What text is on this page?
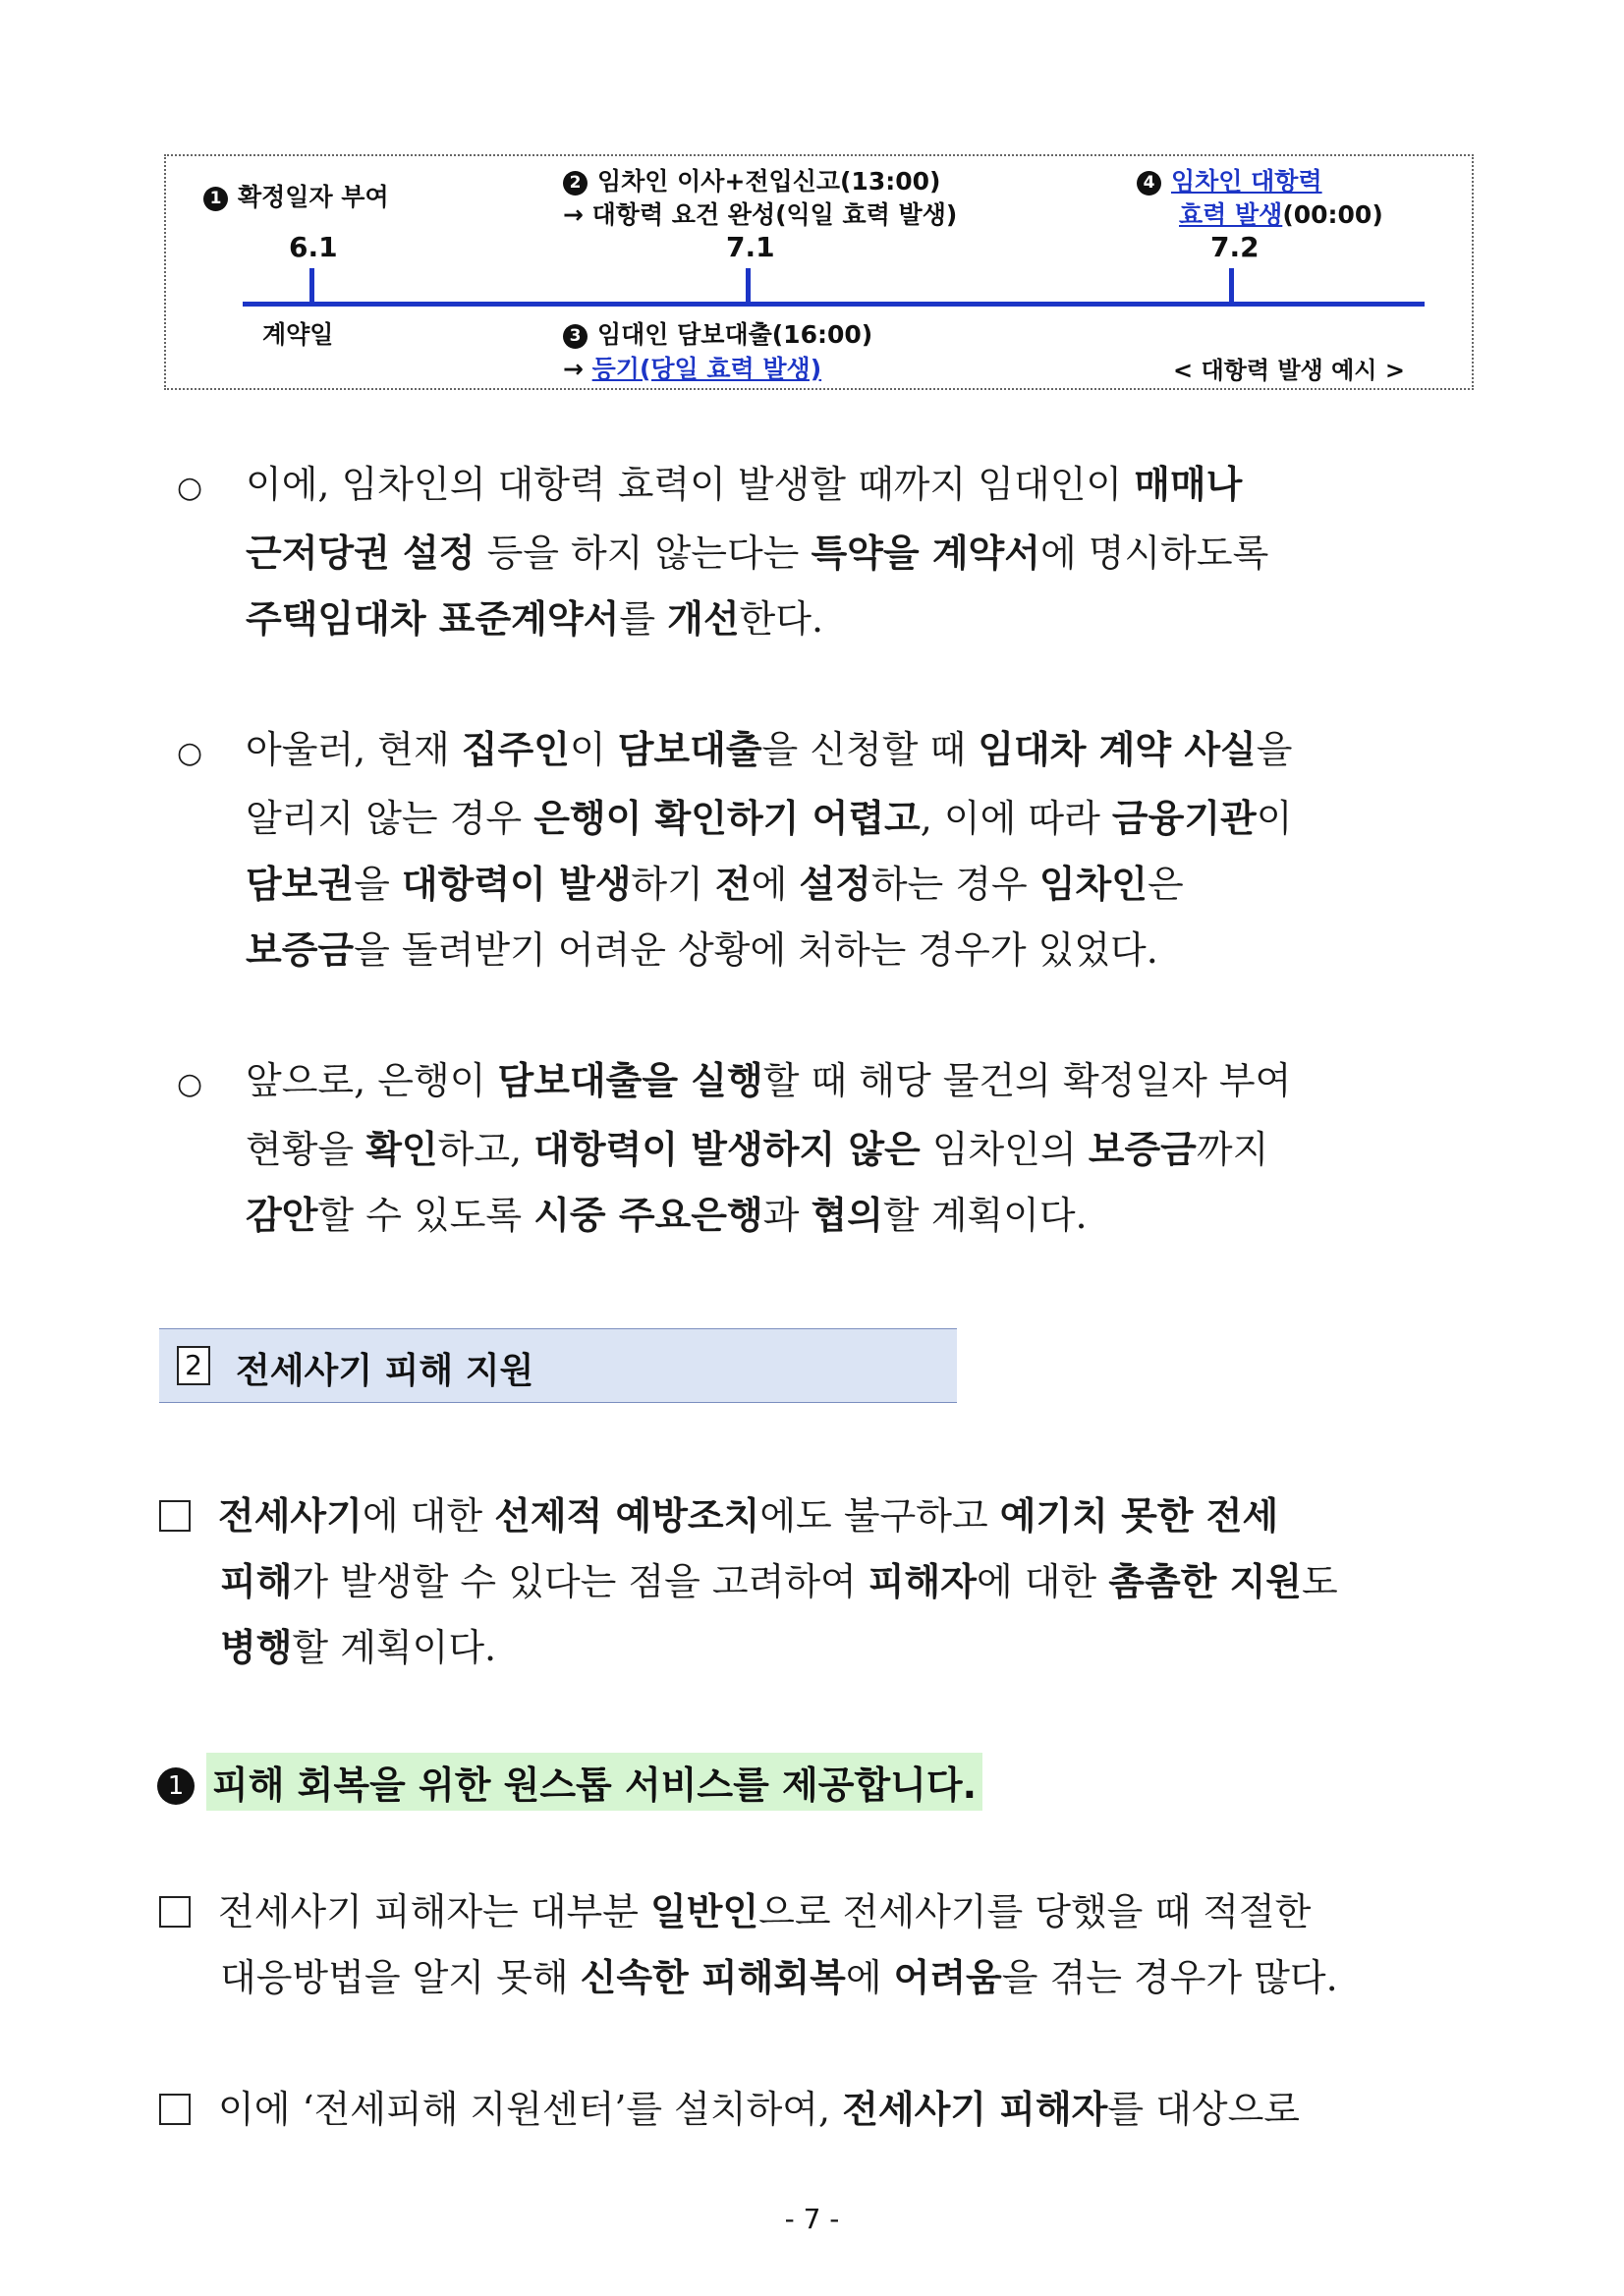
1 확정일자 부여	2 임차인 이사+전입신고(13:00)
→ 대항력 요건 완성(익일 효력 발생)
4 임차인 대항력
효력 발생(00:00)
6.1	7.1	7.2
계약일	3 임대인 담보대출(16:00)
→ 등기(당일 효력 발생)	< 대항력 발생 예시 >
○ 이에, 임차인의 대항력 효력이 발생할 때까지 임대인이 매매나
근저당권 설정 등을 하지 않는다는 특약을 계약서에 명시하도록
주택임대차 표준계약서를 개선한다.
○ 아울러, 현재 집주인이 담보대출을 신청할 때 임대차 계약 사실을
알리지 않는 경우 은행이 확인하기 어렵고, 이에 따라 금융기관이
담보권을 대항력이 발생하기 전에 설정하는 경우 임차인은
보증금을 돌려받기 어려운 상황에 처하는 경우가 있었다.
○ 앞으로, 은행이 담보대출을 실행할 때 해당 물건의 확정일자 부여
현황을 확인하고, 대항력이 발생하지 않은 임차인의 보증금까지
감안할 수 있도록 시중 주요은행과 협의할 계획이다.
2 전세사기 피해 지원
전세사기에 대한 선제적 예방조치에도 불구하고 예기치 못한 전세
피해가 발생할 수 있다는 점을 고려하여 피해자에 대한 촘촘한 지원도
병행할 계획이다.
1 피해 회복을 위한 원스톱 서비스를 제공합니다.
전세사기 피해자는 대부분 일반인으로 전세사기를 당했을 때 적절한
대응방법을 알지 못해 신속한 피해회복에 어려움을 겪는 경우가 많다.
이에 ‘전세피해 지원센터’를 설치하여, 전세사기 피해자를 대상으로
- 7 -
